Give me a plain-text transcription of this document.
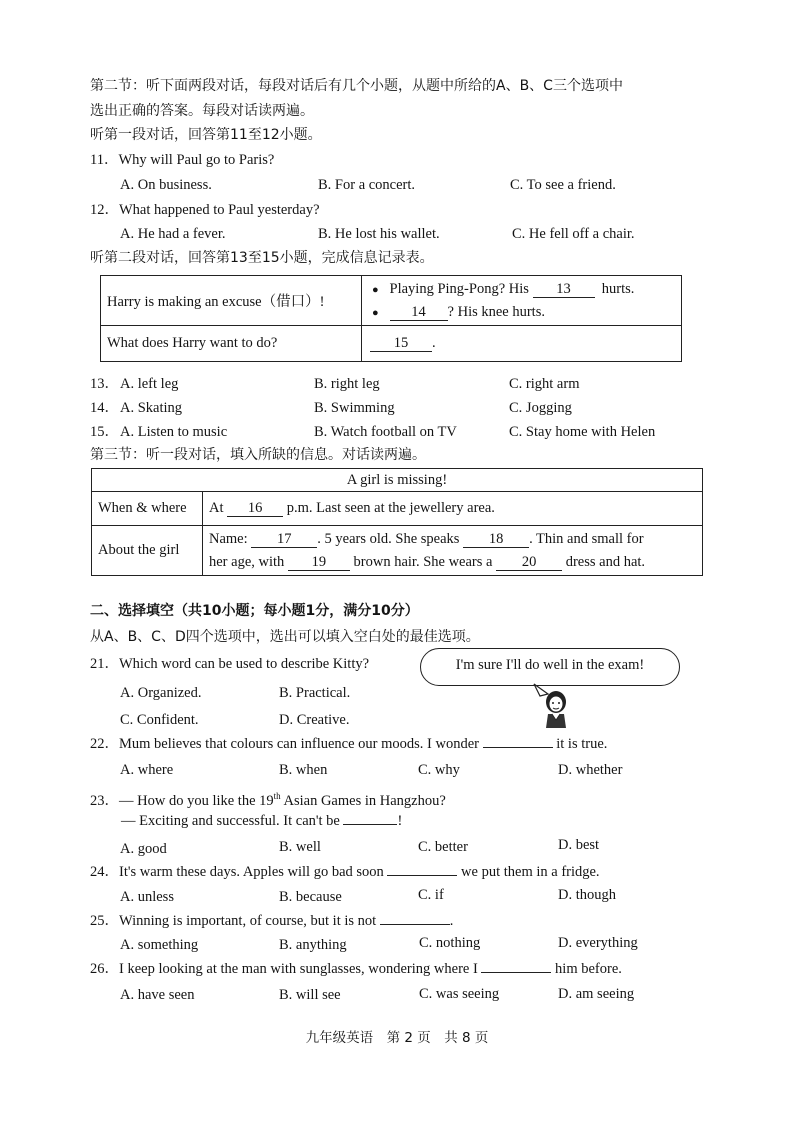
第二节：听下面两段对话，每段对话后有几个小题，从题中所给的A、B、C三个选项中
选出正确的答案。每段对话读两遍。
听第一段对话，回答第11至12小题。
11．Why will Paul go to Paris?
A. On business.	B. For a concert.	C. To see a friend.
12．What happened to Paul yesterday?
A. He had a fever.	B. He lost his wallet.	C. He fell off a chair.
听第二段对话，回答第13至15小题，完成信息记录表。
Harry is making an excuse（借口）!	● Playing Ping-Pong? His 13 hurts.
● 14 ? His knee hurts.

What does Harry want to do?	15 .
13． A. left leg	B. right leg	C. right arm
14． A. Skating	B. Swimming	C. Jogging
15． A. Listen to music	B. Watch football on TV	C. Stay home with Helen
第三节：听一段对话，填入所缺的信息。对话读两遍。
A girl is missing!	
When & where	At 16 p.m. Last seen at the jewellery area.
About the girl	Name: 17 . 5 years old. She speaks 18 . Thin and small for
her age, with 19 brown hair. She wears a 20 dress and hat.
二、选择填空（共10小题；每小题1分，满分10分）
从A、B、C、D四个选项中，选出可以填入空白处的最佳选项。
21．Which word can be used to describe Kitty?
A. Organized.	B. Practical.
C. Confident.	D. Creative.
I'm sure I'll do well in the exam!
22．Mum believes that colours can influence our moods. I wonder	it is true.
A. where	B. when	C. why	D. whether
23．— How do you like the 19th Asian Games in Hangzhou?
— Exciting and successful. It can't be	!
A. good	B. well	C. better	D. best
24．It's warm these days. Apples will go bad soon	we put them in a fridge.
A. unless	B. because	C. if	D. though
25．Winning is important, of course, but it is not	.
A. something	B. anything	C. nothing	D. everything
26．I keep looking at the man with sunglasses, wondering where I	him before.
A. have seen	B. will see	C. was seeing	D. am seeing
九年级英语　第 2 页　共 8 页
